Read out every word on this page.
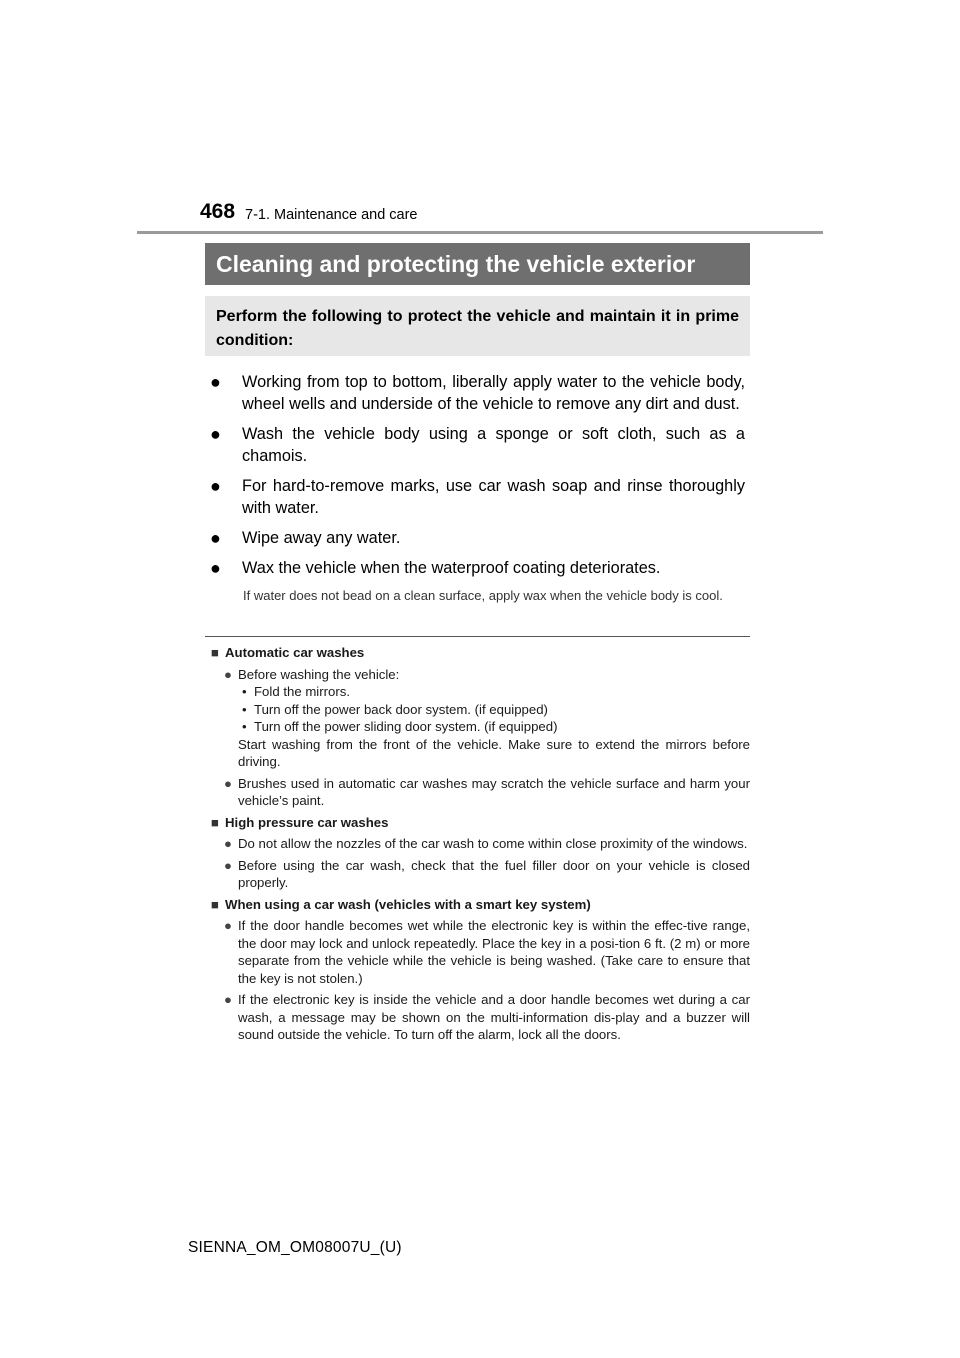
468 7-1. Maintenance and care
Cleaning and protecting the vehicle exterior
Perform the following to protect the vehicle and maintain it in prime condition:
● Working from top to bottom, liberally apply water to the vehicle body, wheel wells and underside of the vehicle to remove any dirt and dust.
● Wash the vehicle body using a sponge or soft cloth, such as a chamois.
● For hard-to-remove marks, use car wash soap and rinse thoroughly with water.
● Wipe away any water.
● Wax the vehicle when the waterproof coating deteriorates.
If water does not bead on a clean surface, apply wax when the vehicle body is cool.
■ Automatic car washes
● Before washing the vehicle:
• Fold the mirrors.
• Turn off the power back door system. (if equipped)
• Turn off the power sliding door system. (if equipped)
Start washing from the front of the vehicle. Make sure to extend the mirrors before driving.
● Brushes used in automatic car washes may scratch the vehicle surface and harm your vehicle’s paint.
■ High pressure car washes
● Do not allow the nozzles of the car wash to come within close proximity of the windows.
● Before using the car wash, check that the fuel filler door on your vehicle is closed properly.
■ When using a car wash (vehicles with a smart key system)
● If the door handle becomes wet while the electronic key is within the effec-tive range, the door may lock and unlock repeatedly. Place the key in a posi-tion 6 ft. (2 m) or more separate from the vehicle while the vehicle is being washed. (Take care to ensure that the key is not stolen.)
● If the electronic key is inside the vehicle and a door handle becomes wet during a car wash, a message may be shown on the multi-information dis-play and a buzzer will sound outside the vehicle. To turn off the alarm, lock all the doors.
SIENNA_OM_OM08007U_(U)
